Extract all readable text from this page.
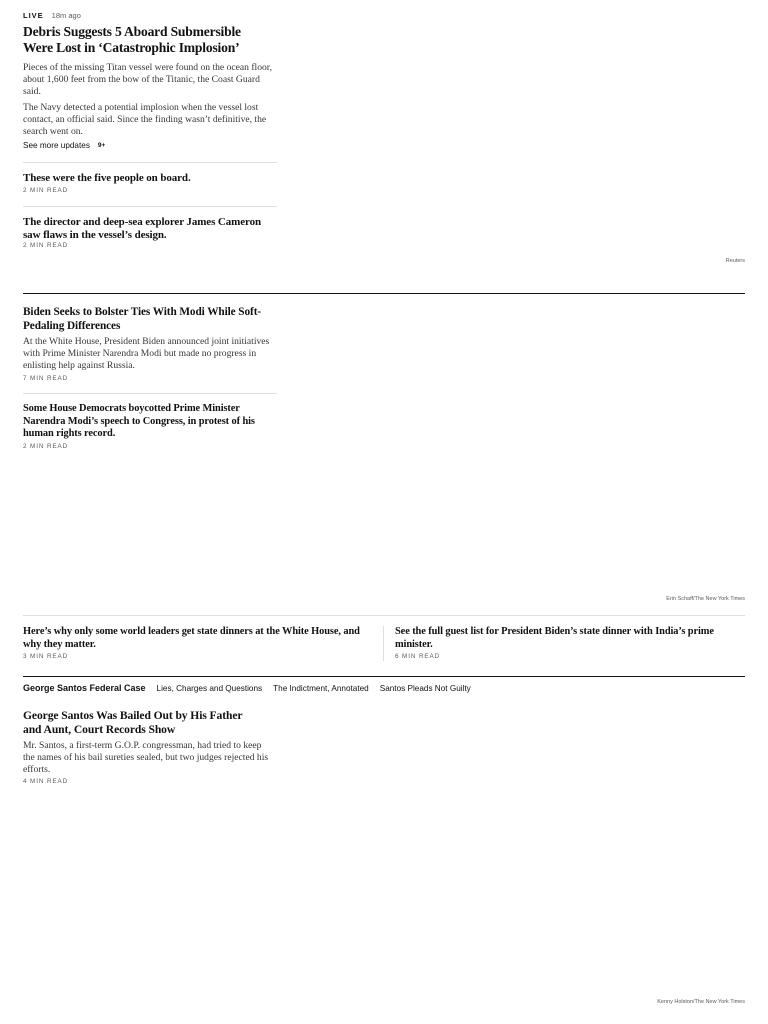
LIVE 18m ago
Debris Suggests 5 Aboard Submersible Were Lost in ‘Catastrophic Implosion’
Pieces of the missing Titan vessel were found on the ocean floor, about 1,600 feet from the bow of the Titanic, the Coast Guard said.
The Navy detected a potential implosion when the vessel lost contact, an official said. Since the finding wasn’t definitive, the search went on.
See more updates 9+
These were the five people on board.
2 MIN READ
The director and deep-sea explorer James Cameron saw flaws in the vessel’s design.
2 MIN READ
Reuters
Biden Seeks to Bolster Ties With Modi While Soft-Pedaling Differences
At the White House, President Biden announced joint initiatives with Prime Minister Narendra Modi but made no progress in enlisting help against Russia.
7 MIN READ
Some House Democrats boycotted Prime Minister Narendra Modi’s speech to Congress, in protest of his human rights record.
2 MIN READ
Erin Schaff/The New York Times
Here’s why only some world leaders get state dinners at the White House, and why they matter.
3 MIN READ
See the full guest list for President Biden’s state dinner with India’s prime minister.
6 MIN READ
George Santos Federal Case Lies, Charges and Questions The Indictment, Annotated Santos Pleads Not Guilty
George Santos Was Bailed Out by His Father and Aunt, Court Records Show
Mr. Santos, a first-term G.O.P. congressman, had tried to keep the names of his bail sureties sealed, but two judges rejected his efforts.
4 MIN READ
Kenny Holston/The New York Times
